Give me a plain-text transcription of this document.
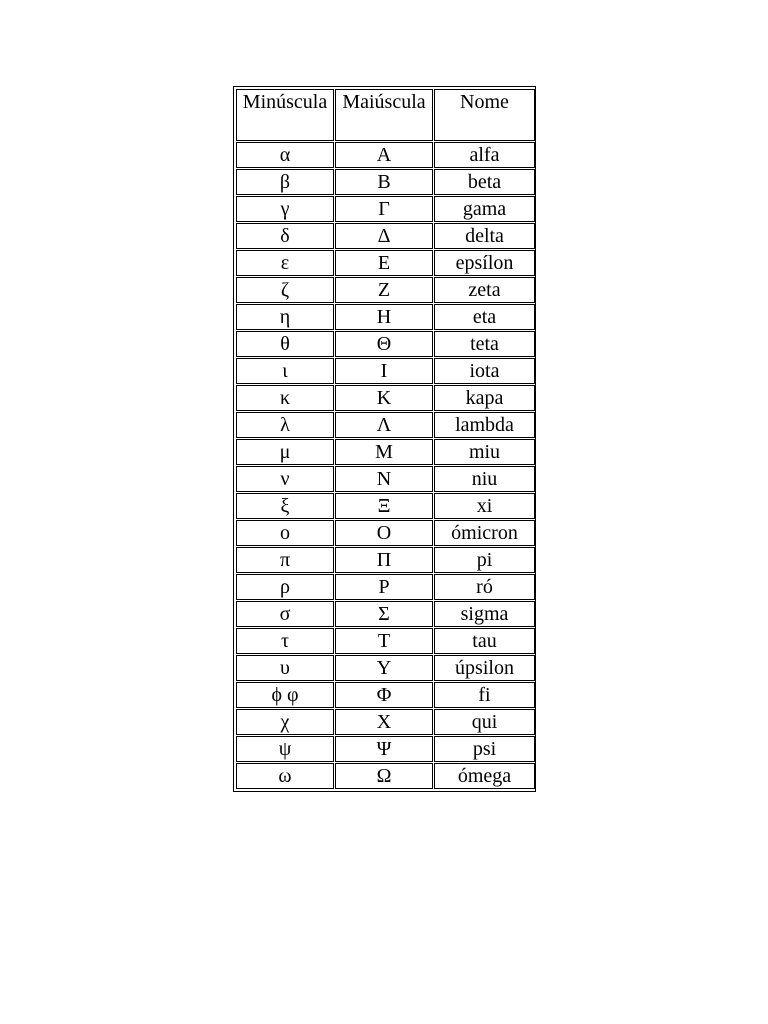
Minúscula	Maiúscula	Nome
α	Α	alfa
β	Β	beta
γ	Γ	gama
δ	Δ	delta
ε	Ε	epsílon
ζ	Ζ	zeta
η	Η	eta
θ	Θ	teta
ι	Ι	iota
κ	Κ	kapa
λ	Λ	lambda
μ	Μ	miu
ν	Ν	niu
ξ	Ξ	xi
ο	Ο	ómicron
π	Π	pi
ρ	Ρ	ró
σ	Σ	sigma
τ	Τ	tau
υ	Υ	úpsilon
ϕ φ	Φ	fi
χ	Χ	qui
ψ	Ψ	psi
ω	Ω	ómega
